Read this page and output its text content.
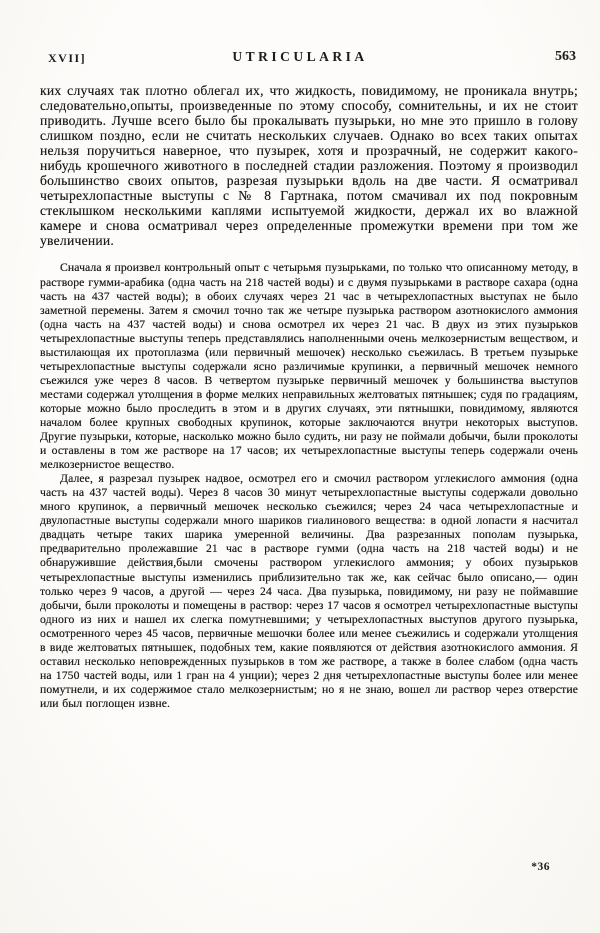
XVII]	UTRICULARIA	563

ких случаях так плотно облегал их, что жидкость, повидимому, не проникала внутрь; следовательно,опыты, произведенные по этому способу, сомнительны, и их не стоит приводить. Лучше всего было бы прокалывать пузырьки, но мне это пришло в голову слишком поздно, если не считать нескольких случаев. Однако во всех таких опытах нельзя поручиться наверное, что пузырек, хотя и прозрачный, не содержит какого-нибудь крошечного животного в последней стадии разложения. Поэтому я производил большинство своих опытов, разрезая пузырьки вдоль на две части. Я осматривал четырехлопастные выступы с № 8 Гартнака, потом смачивал их под покровным стеклышком несколькими каплями испытуемой жидкости, держал их во влажной камере и снова осматривал через определенные промежутки времени при том же увеличении.

Сначала я произвел контрольный опыт с четырьмя пузырьками, по только что описанному методу, в растворе гумми-арабика (одна часть на 218 частей воды) и с двумя пузырьками в растворе сахара (одна часть на 437 частей воды); в обоих случаях через 21 час в четырехлопастных выступах не было заметной перемены. Затем я смочил точно так же четыре пузырька раствором азотнокислого аммония (одна часть на 437 частей воды) и снова осмотрел их через 21 час. В двух из этих пузырьков четырехлопастные выступы теперь представлялись наполненными очень мелкозернистым веществом, и выстилающая их протоплазма (или первичный мешочек) несколько съежилась. В третьем пузырьке четырехлопастные выступы содержали ясно различимые крупинки, а первичный мешочек немного съежился уже через 8 часов. В четвертом пузырьке первичный мешочек у большинства выступов местами содержал утолщения в форме мелких неправильных желтоватых пятнышек; судя по градациям, которые можно было проследить в этом и в других случаях, эти пятнышки, повидимому, являются началом более крупных свободных крупинок, которые заключаются внутри некоторых выступов. Другие пузырьки, которые, насколько можно было судить, ни разу не поймали добычи, были проколоты и оставлены в том же растворе на 17 часов; их четырехлопастные выступы теперь содержали очень мелкозернистое вещество.

Далее, я разрезал пузырек надвое, осмотрел его и смочил раствором углекислого аммония (одна часть на 437 частей воды). Через 8 часов 30 минут четырехлопастные выступы содержали довольно много крупинок, а первичный мешочек несколько съежился; через 24 часа четырехлопастные и двулопастные выступы содержали много шариков гиалинового вещества: в одной лопасти я насчитал двадцать четыре таких шарика умеренной величины. Два разрезанных пополам пузырька, предварительно пролежавшие 21 час в растворе гумми (одна часть на 218 частей воды) и не обнаружившие действия,были смочены раствором углекислого аммония; у обоих пузырьков четырехлопастные выступы изменились приблизительно так же, как сейчас было описано,— один только через 9 часов, а другой — через 24 часа. Два пузырька, повидимому, ни разу не поймавшие добычи, были проколоты и помещены в раствор: через 17 часов я осмотрел четырехлопастные выступы одного из них и нашел их слегка помутневшими; у четырехлопастных выступов другого пузырька, осмотренного через 45 часов, первичные мешочки более или менее съежились и содержали утолщения в виде желтоватых пятнышек, подобных тем, какие появляются от действия азотнокислого аммония. Я оставил несколько неповрежденных пузырьков в том же растворе, а также в более слабом (одна часть на 1750 частей воды, или 1 гран на 4 унции); через 2 дня четырехлопастные выступы более или менее помутнели, и их содержимое стало мелкозернистым; но я не знаю, вошел ли раствор через отверстие или был поглощен извне.

*36
